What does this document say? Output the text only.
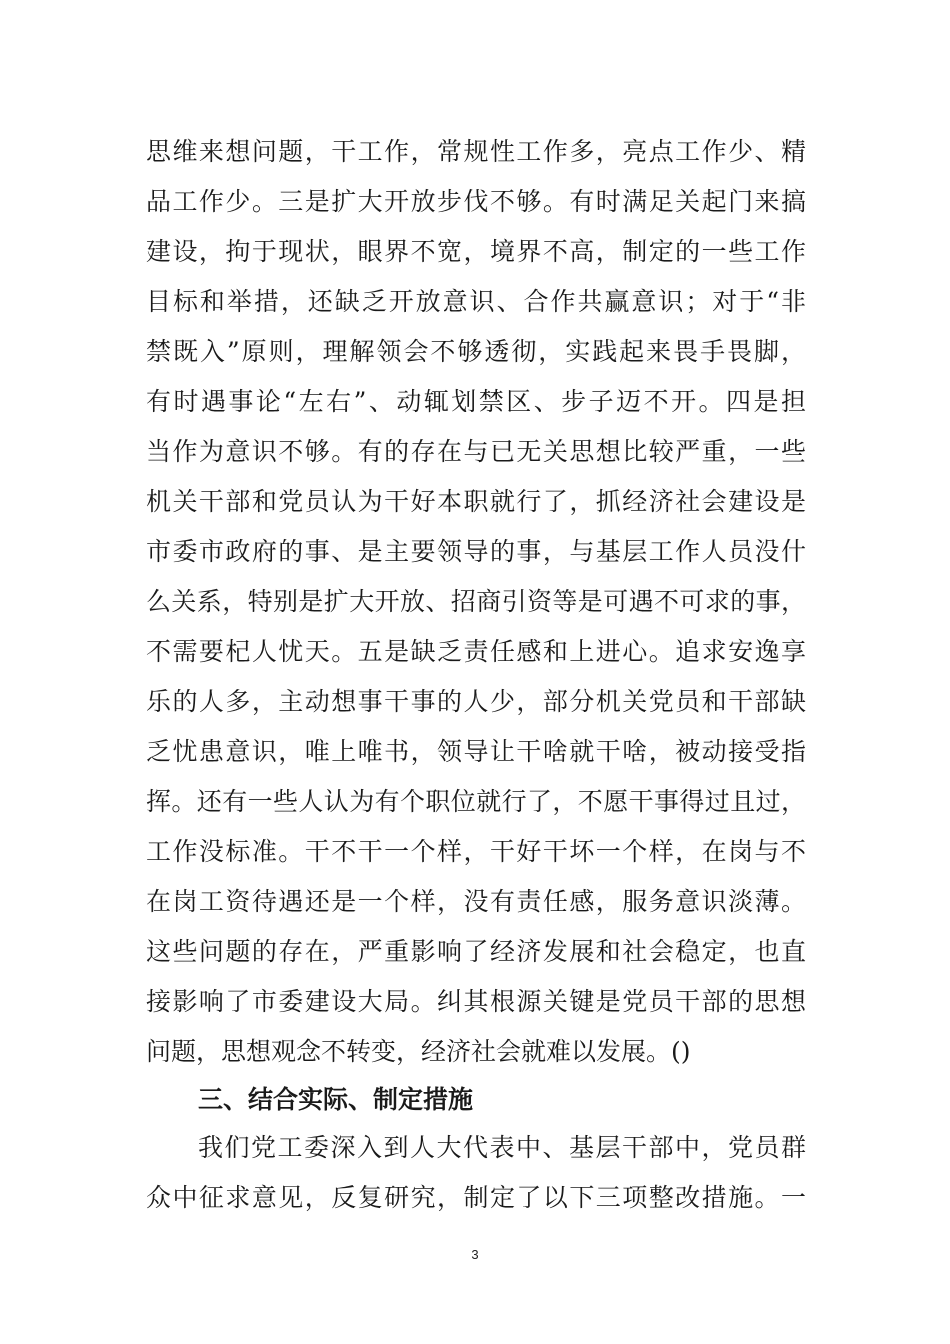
思维来想问题，干工作，常规性工作多，亮点工作少、精
品工作少。三是扩大开放步伐不够。有时满足关起门来搞
建设，拘于现状，眼界不宽，境界不高，制定的一些工作
目标和举措，还缺乏开放意识、合作共赢意识；对于“非
禁既入”原则，理解领会不够透彻，实践起来畏手畏脚，
有时遇事论“左右”、动辄划禁区、步子迈不开。四是担
当作为意识不够。有的存在与已无关思想比较严重，一些
机关干部和党员认为干好本职就行了，抓经济社会建设是
市委市政府的事、是主要领导的事，与基层工作人员没什
么关系，特别是扩大开放、招商引资等是可遇不可求的事，
不需要杞人忧天。五是缺乏责任感和上进心。追求安逸享
乐的人多，主动想事干事的人少，部分机关党员和干部缺
乏忧患意识，唯上唯书，领导让干啥就干啥，被动接受指
挥。还有一些人认为有个职位就行了，不愿干事得过且过，
工作没标准。干不干一个样，干好干坏一个样，在岗与不
在岗工资待遇还是一个样，没有责任感，服务意识淡薄。
这些问题的存在，严重影响了经济发展和社会稳定，也直
接影响了市委建设大局。纠其根源关键是党员干部的思想
问题，思想观念不转变，经济社会就难以发展。()
三、结合实际、制定措施
我们党工委深入到人大代表中、基层干部中，党员群
众中征求意见，反复研究，制定了以下三项整改措施。一
3
